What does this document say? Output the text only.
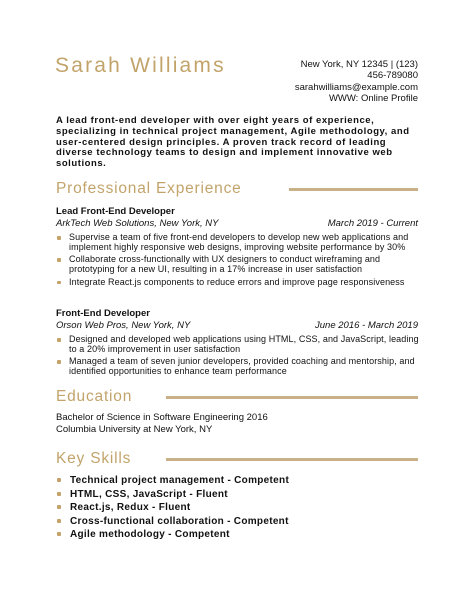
Sarah Williams	New York, NY 12345 | (123)
456-789080
sarahwilliams@example.com
WWW: Online Profile
A lead front-end developer with over eight years of experience, specializing in technical project management, Agile methodology, and user-centered design principles. A proven track record of leading diverse technology teams to design and implement innovative web solutions.
Professional Experience
Lead Front-End Developer
ArkTech Web Solutions, New York, NY	March 2019 - Current
Supervise a team of five front-end developers to develop new web applications and implement highly responsive web designs, improving website performance by 30%
Collaborate cross-functionally with UX designers to conduct wireframing and prototyping for a new UI, resulting in a 17% increase in user satisfaction
Integrate React.js components to reduce errors and improve page responsiveness
Front-End Developer
Orson Web Pros, New York, NY	June 2016 - March 2019
Designed and developed web applications using HTML, CSS, and JavaScript, leading to a 20% improvement in user satisfaction
Managed a team of seven junior developers, provided coaching and mentorship, and identified opportunities to enhance team performance
Education
Bachelor of Science in Software Engineering 2016
Columbia University at New York, NY
Key Skills
Technical project management - Competent
HTML, CSS, JavaScript - Fluent
React.js, Redux - Fluent
Cross-functional collaboration - Competent
Agile methodology - Competent
